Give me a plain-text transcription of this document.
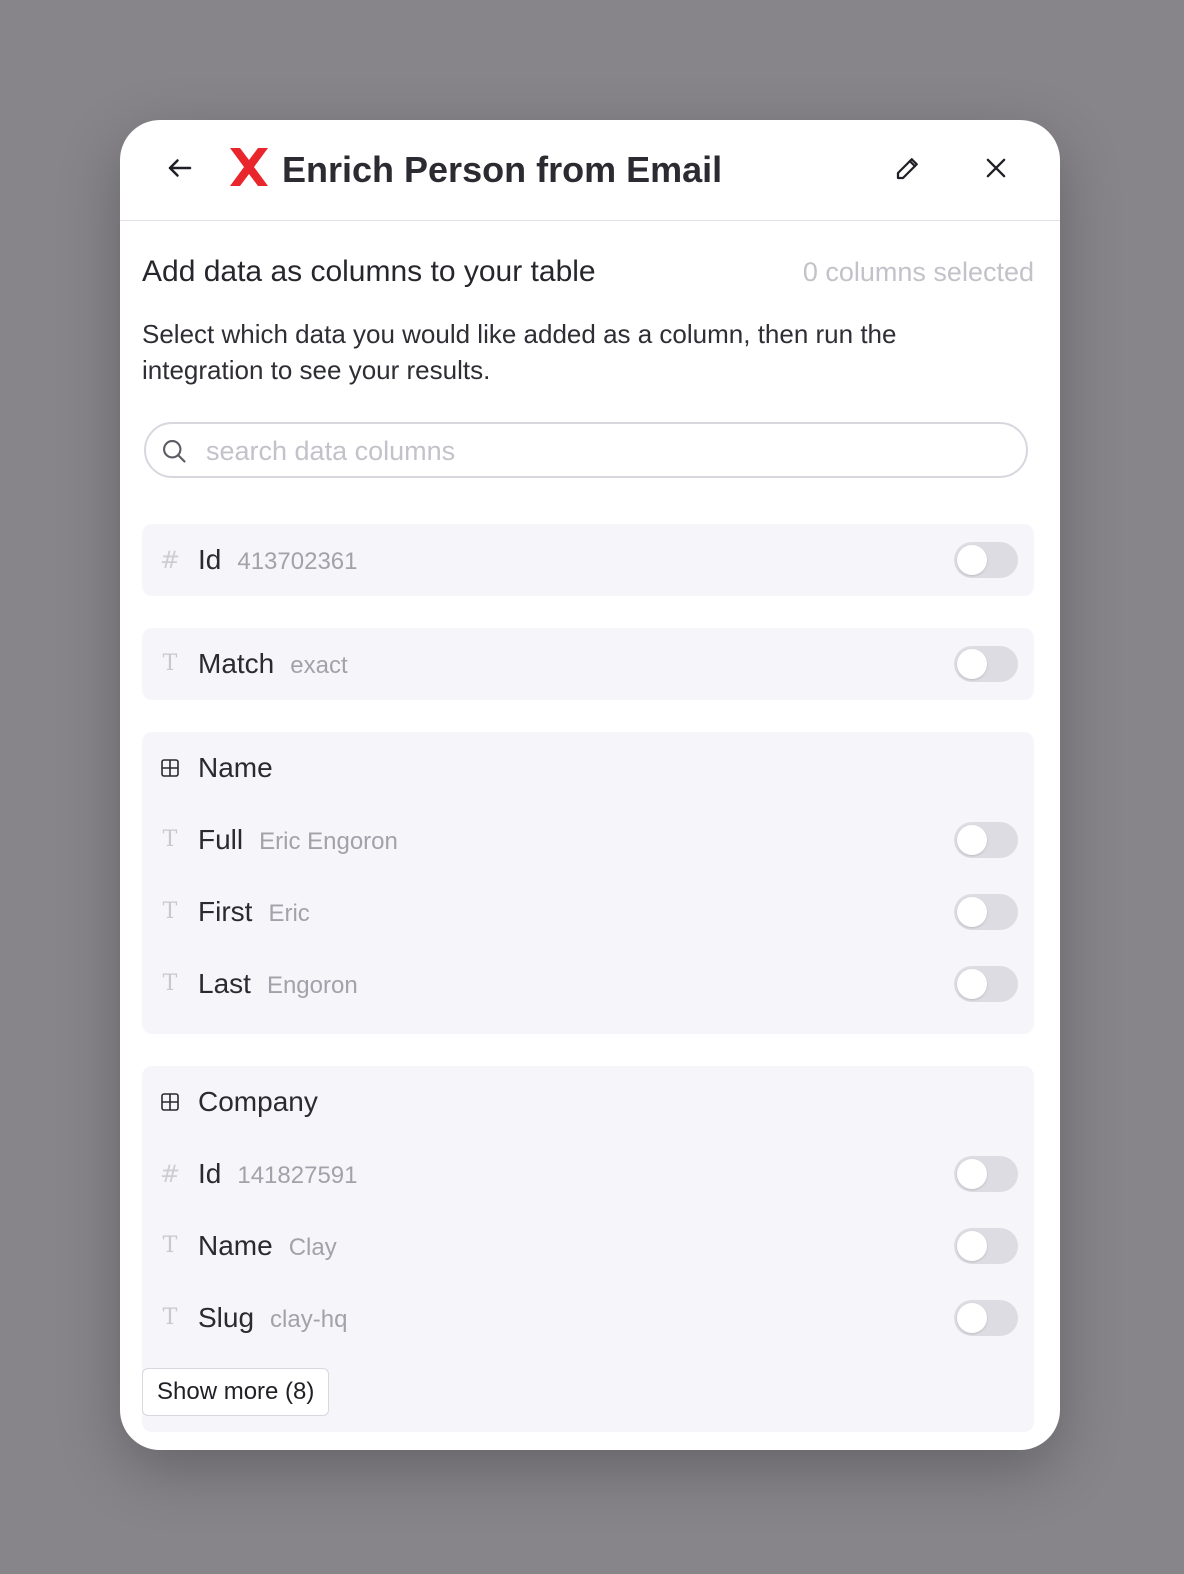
Enrich Person from Email
Add data as columns to your table	0 columns selected
Select which data you would like added as a column, then run the integration to see your results.
search data columns
# Id 413702361
T Match exact
Name
T Full Eric Engoron
T First Eric
T Last Engoron
Company
# Id 141827591
T Name Clay
T Slug clay-hq
Show more (8)
